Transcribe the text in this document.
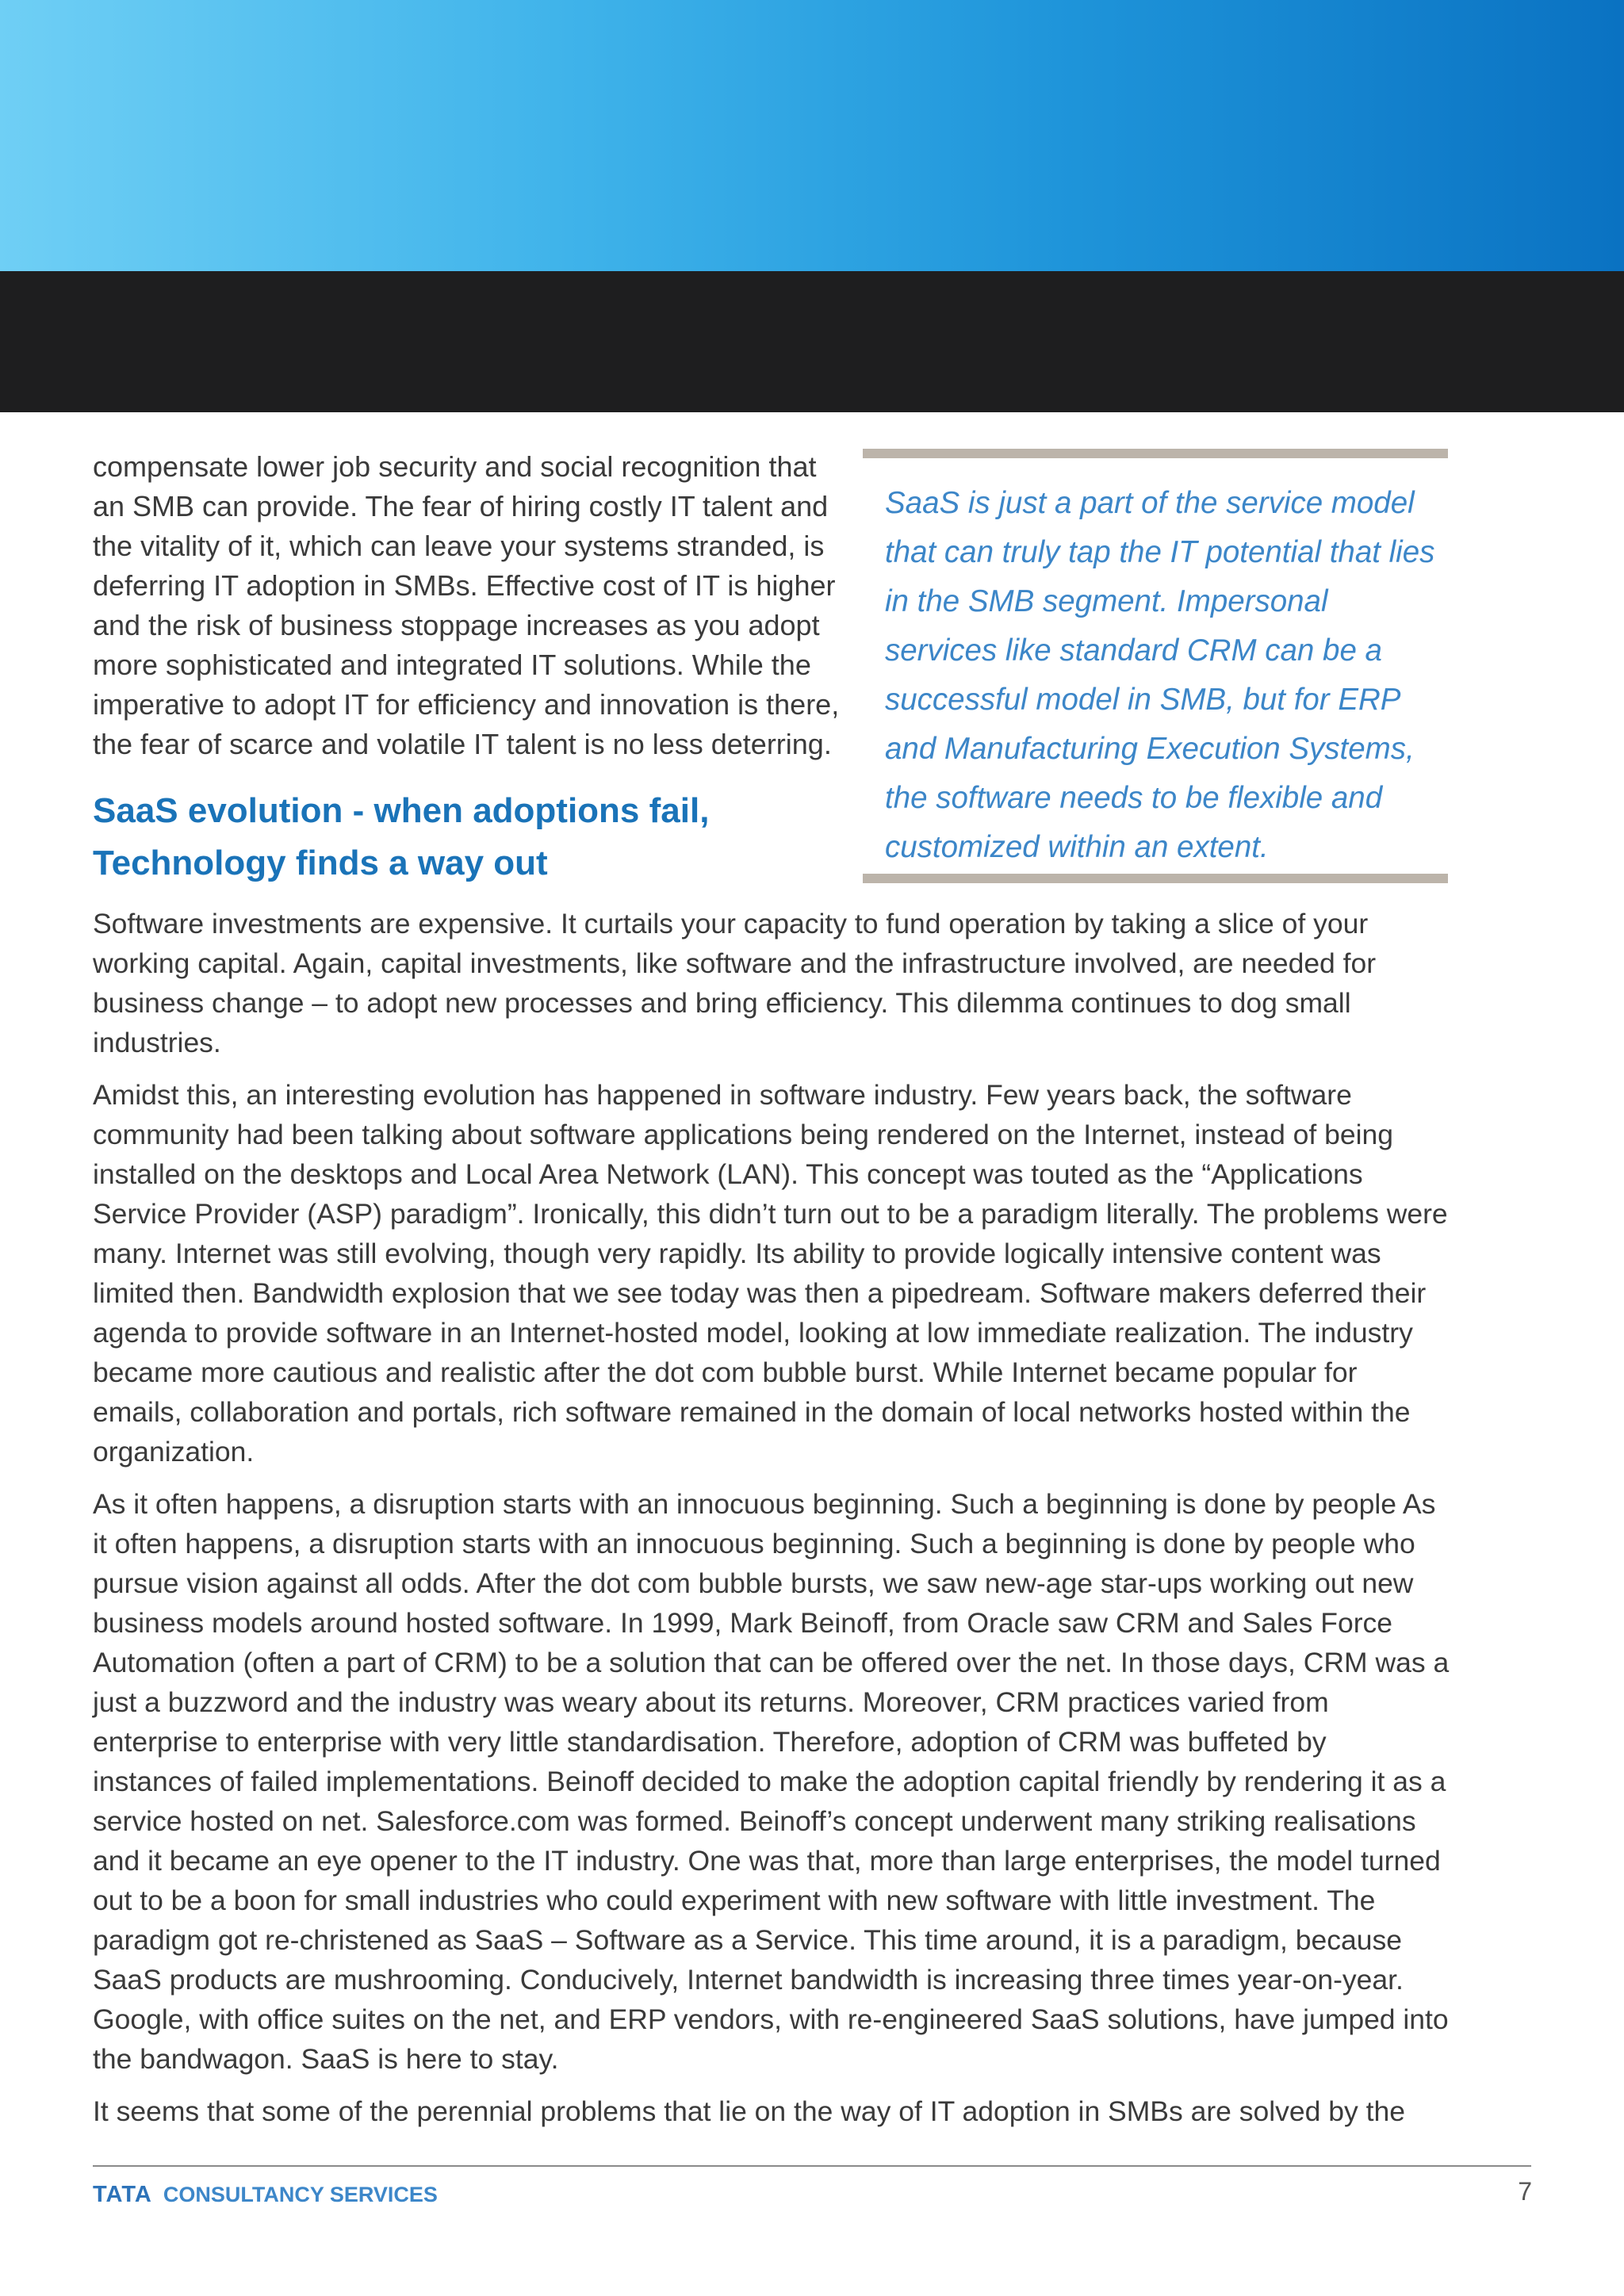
compensate lower job security and social recognition that an SMB can provide. The fear of hiring costly IT talent and the vitality of it, which can leave your systems stranded, is deferring IT adoption in SMBs. Effective cost of IT is higher and the risk of business stoppage increases as you adopt more sophisticated and integrated IT solutions. While the imperative to adopt IT for efficiency and innovation is there, the fear of scarce and volatile IT talent is no less deterring.

SaaS evolution - when adoptions fail, Technology finds a way out
SaaS is just a part of the service model that can truly tap the IT potential that lies in the SMB segment. Impersonal services like standard CRM can be a successful model in SMB, but for ERP and Manufacturing Execution Systems, the software needs to be flexible and customized within an extent.

Software investments are expensive. It curtails your capacity to fund operation by taking a slice of your working capital. Again, capital investments, like software and the infrastructure involved, are needed for business change – to adopt new processes and bring efficiency. This dilemma continues to dog small industries.

Amidst this, an interesting evolution has happened in software industry. Few years back, the software community had been talking about software applications being rendered on the Internet, instead of being installed on the desktops and Local Area Network (LAN). This concept was touted as the “Applications Service Provider (ASP) paradigm”. Ironically, this didn’t turn out to be a paradigm literally. The problems were many. Internet was still evolving, though very rapidly. Its ability to provide logically intensive content was limited then. Bandwidth explosion that we see today was then a pipedream. Software makers deferred their agenda to provide software in an Internet-hosted model, looking at low immediate realization. The industry became more cautious and realistic after the dot com bubble burst. While Internet became popular for emails, collaboration and portals, rich software remained in the domain of local networks hosted within the organization.

As it often happens, a disruption starts with an innocuous beginning. Such a beginning is done by people As it often happens, a disruption starts with an innocuous beginning. Such a beginning is done by people who pursue vision against all odds. After the dot com bubble bursts, we saw new-age star-ups working out new business models around hosted software. In 1999, Mark Beinoff, from Oracle saw CRM and Sales Force Automation (often a part of CRM) to be a solution that can be offered over the net. In those days, CRM was a just a buzzword and the industry was weary about its returns. Moreover, CRM practices varied from enterprise to enterprise with very little standardisation. Therefore, adoption of CRM was buffeted by instances of failed implementations. Beinoff decided to make the adoption capital friendly by rendering it as a service hosted on net. Salesforce.com was formed. Beinoff’s concept underwent many striking realisations and it became an eye opener to the IT industry. One was that, more than large enterprises, the model turned out to be a boon for small industries who could experiment with new software with little investment. The paradigm got re-christened as SaaS – Software as a Service. This time around, it is a paradigm, because SaaS products are mushrooming. Conducively, Internet bandwidth is increasing three times year-on-year. Google, with office suites on the net, and ERP vendors, with re-engineered SaaS solutions, have jumped into the bandwagon. SaaS is here to stay.

It seems that some of the perennial problems that lie on the way of IT adoption in SMBs are solved by the

TATA CONSULTANCY SERVICES	7
